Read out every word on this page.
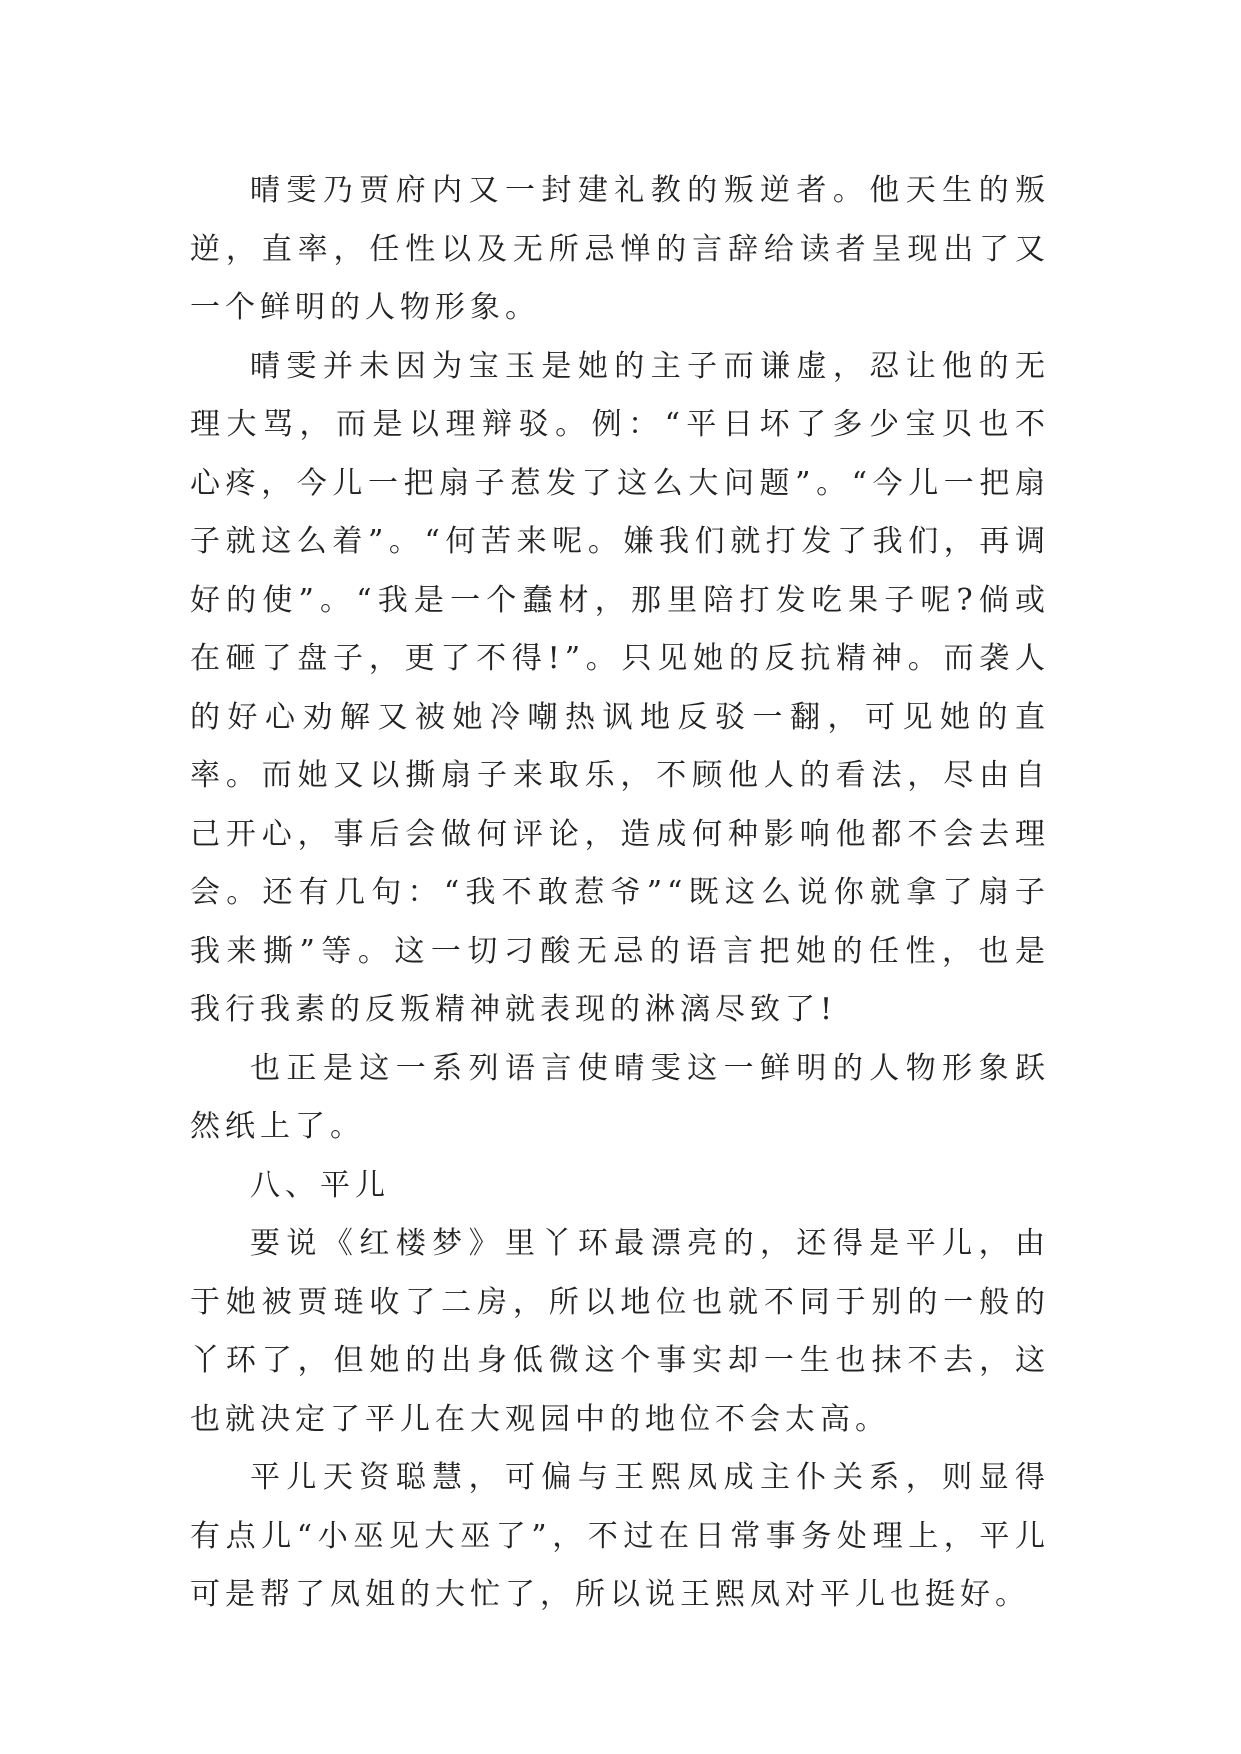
晴雯乃贾府内又一封建礼教的叛逆者。他天生的叛逆，直率，任性以及无所忌惮的言辞给读者呈现出了又一个鲜明的人物形象。

晴雯并未因为宝玉是她的主子而谦虚，忍让他的无理大骂，而是以理辩驳。例：“平日坏了多少宝贝也不心疼，今儿一把扇子惹发了这么大问题”。“今儿一把扇子就这么着”。“何苦来呢。嫌我们就打发了我们，再调好的使”。“我是一个蠢材，那里陪打发吃果子呢?倘或在砸了盘子，更了不得!”。只见她的反抗精神。而袭人的好心劝解又被她冷嘲热讽地反驳一翻，可见她的直率。而她又以撕扇子来取乐，不顾他人的看法，尽由自己开心，事后会做何评论，造成何种影响他都不会去理会。还有几句：“我不敢惹爷”“既这么说你就拿了扇子我来撕”等。这一切刁酸无忌的语言把她的任性，也是我行我素的反叛精神就表现的淋漓尽致了!

也正是这一系列语言使晴雯这一鲜明的人物形象跃然纸上了。

八、平儿

要说《红楼梦》里丫环最漂亮的，还得是平儿，由于她被贾琏收了二房，所以地位也就不同于别的一般的丫环了，但她的出身低微这个事实却一生也抹不去，这也就决定了平儿在大观园中的地位不会太高。

平儿天资聪慧，可偏与王熙凤成主仆关系，则显得有点儿“小巫见大巫了”，不过在日常事务处理上，平儿可是帮了凤姐的大忙了，所以说王熙凤对平儿也挺好。
